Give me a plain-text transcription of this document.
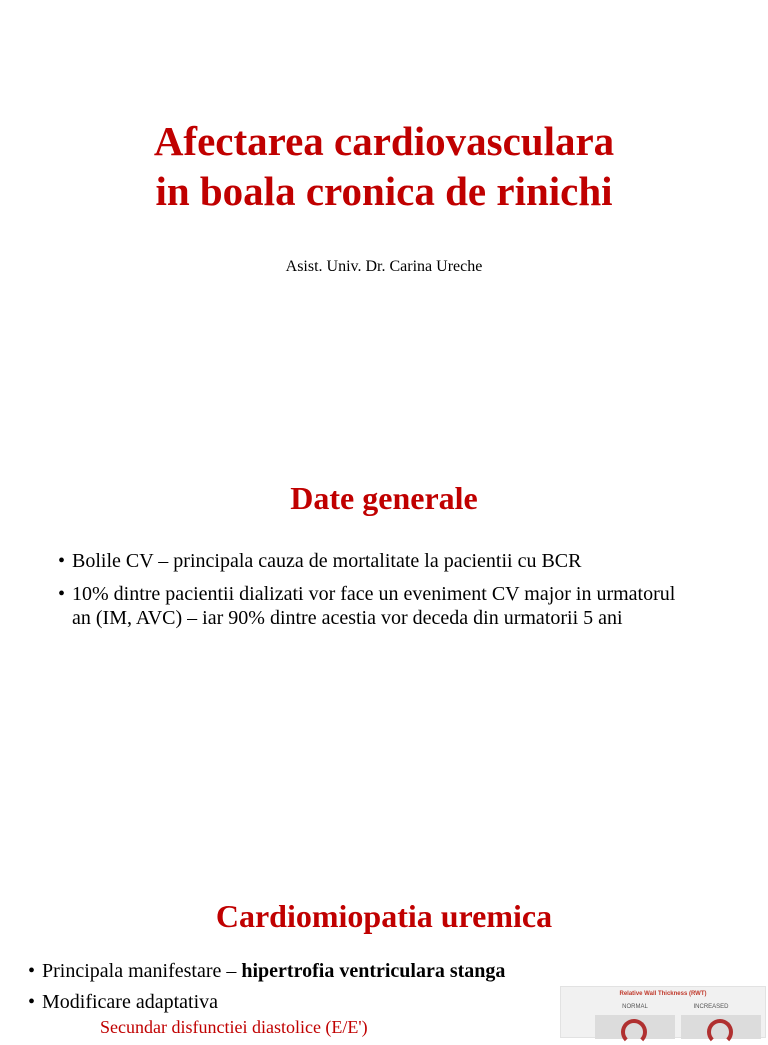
Afectarea cardiovasculara
in boala cronica de rinichi

Asist. Univ. Dr. Carina Ureche

Date generale
• Bolile CV – principala cauza de mortalitate la pacientii cu BCR
• 10% dintre pacientii dializati vor face un eveniment CV major in urmatorul an (IM, AVC) – iar 90% dintre acestia vor deceda din urmatorii 5 ani
Cardiomiopatia uremica
• Principala manifestare – hipertrofia ventriculara stanga
• Modificare adaptativa
Secundar disfunctiei diastolice (E/E')
Relative Wall Thickness (RWT)
NORMAL	INCREASED
